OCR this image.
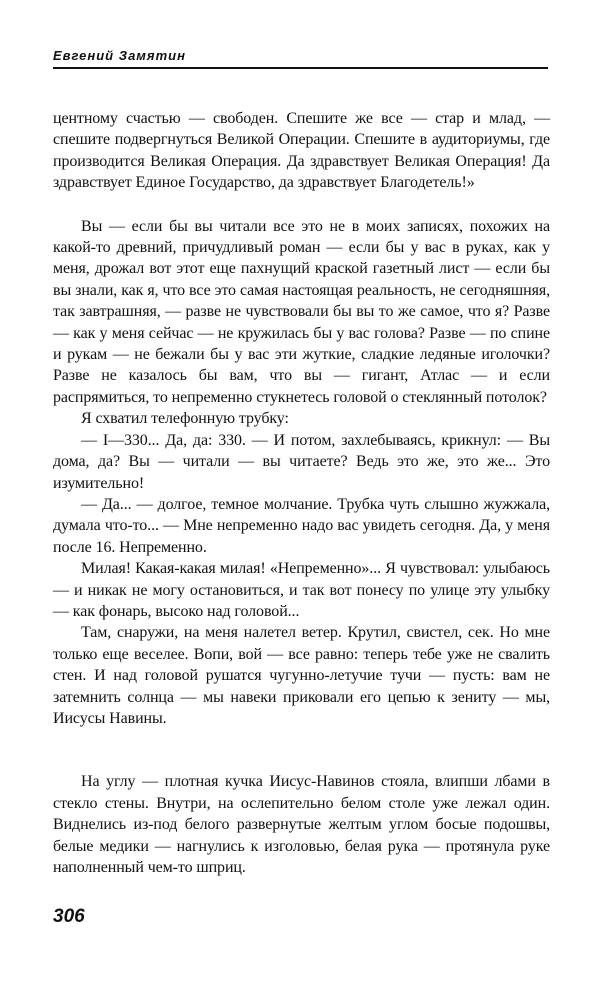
Евгений Замятин

центному счастью — свободен. Спешите же все — стар и млад, — спешите подвергнуться Великой Операции. Спешите в аудиториумы, где производится Великая Операция. Да здравствует Великая Операция! Да здравствует Единое Государство, да здравствует Благодетель!»

Вы — если бы вы читали все это не в моих записях, похожих на какой-то древний, причудливый роман — если бы у вас в руках, как у меня, дрожал вот этот еще пахнущий краской газетный лист — если бы вы знали, как я, что все это самая настоящая реальность, не сегодняшняя, так завтрашняя, — разве не чувствовали бы вы то же самое, что я? Разве — как у меня сейчас — не кружилась бы у вас голова? Разве — по спине и рукам — не бежали бы у вас эти жуткие, сладкие ледяные иголочки? Разве не казалось бы вам, что вы — гигант, Атлас — и если распрямиться, то непременно стукнетесь головой о стеклянный потолок?

Я схватил телефонную трубку:

— I—330... Да, да: 330. — И потом, захлебываясь, крикнул: — Вы дома, да? Вы — читали — вы читаете? Ведь это же, это же... Это изумительно!

— Да... — долгое, темное молчание. Трубка чуть слышно жужжала, думала что-то... — Мне непременно надо вас увидеть сегодня. Да, у меня после 16. Непременно.

Милая! Какая-какая милая! «Непременно»... Я чувствовал: улыбаюсь — и никак не могу остановиться, и так вот понесу по улице эту улыбку — как фонарь, высоко над головой...

Там, снаружи, на меня налетел ветер. Крутил, свистел, сек. Но мне только еще веселее. Вопи, вой — все равно: теперь тебе уже не свалить стен. И над головой рушатся чугунно-летучие тучи — пусть: вам не затемнить солнца — мы навеки приковали его цепью к зениту — мы, Иисусы Навины.

На углу — плотная кучка Иисус-Навинов стояла, влипши лбами в стекло стены. Внутри, на ослепительно белом столе уже лежал один. Виднелись из-под белого развернутые желтым углом босые подошвы, белые медики — нагнулись к изголовью, белая рука — протянула руке наполненный чем-то шприц.

306
